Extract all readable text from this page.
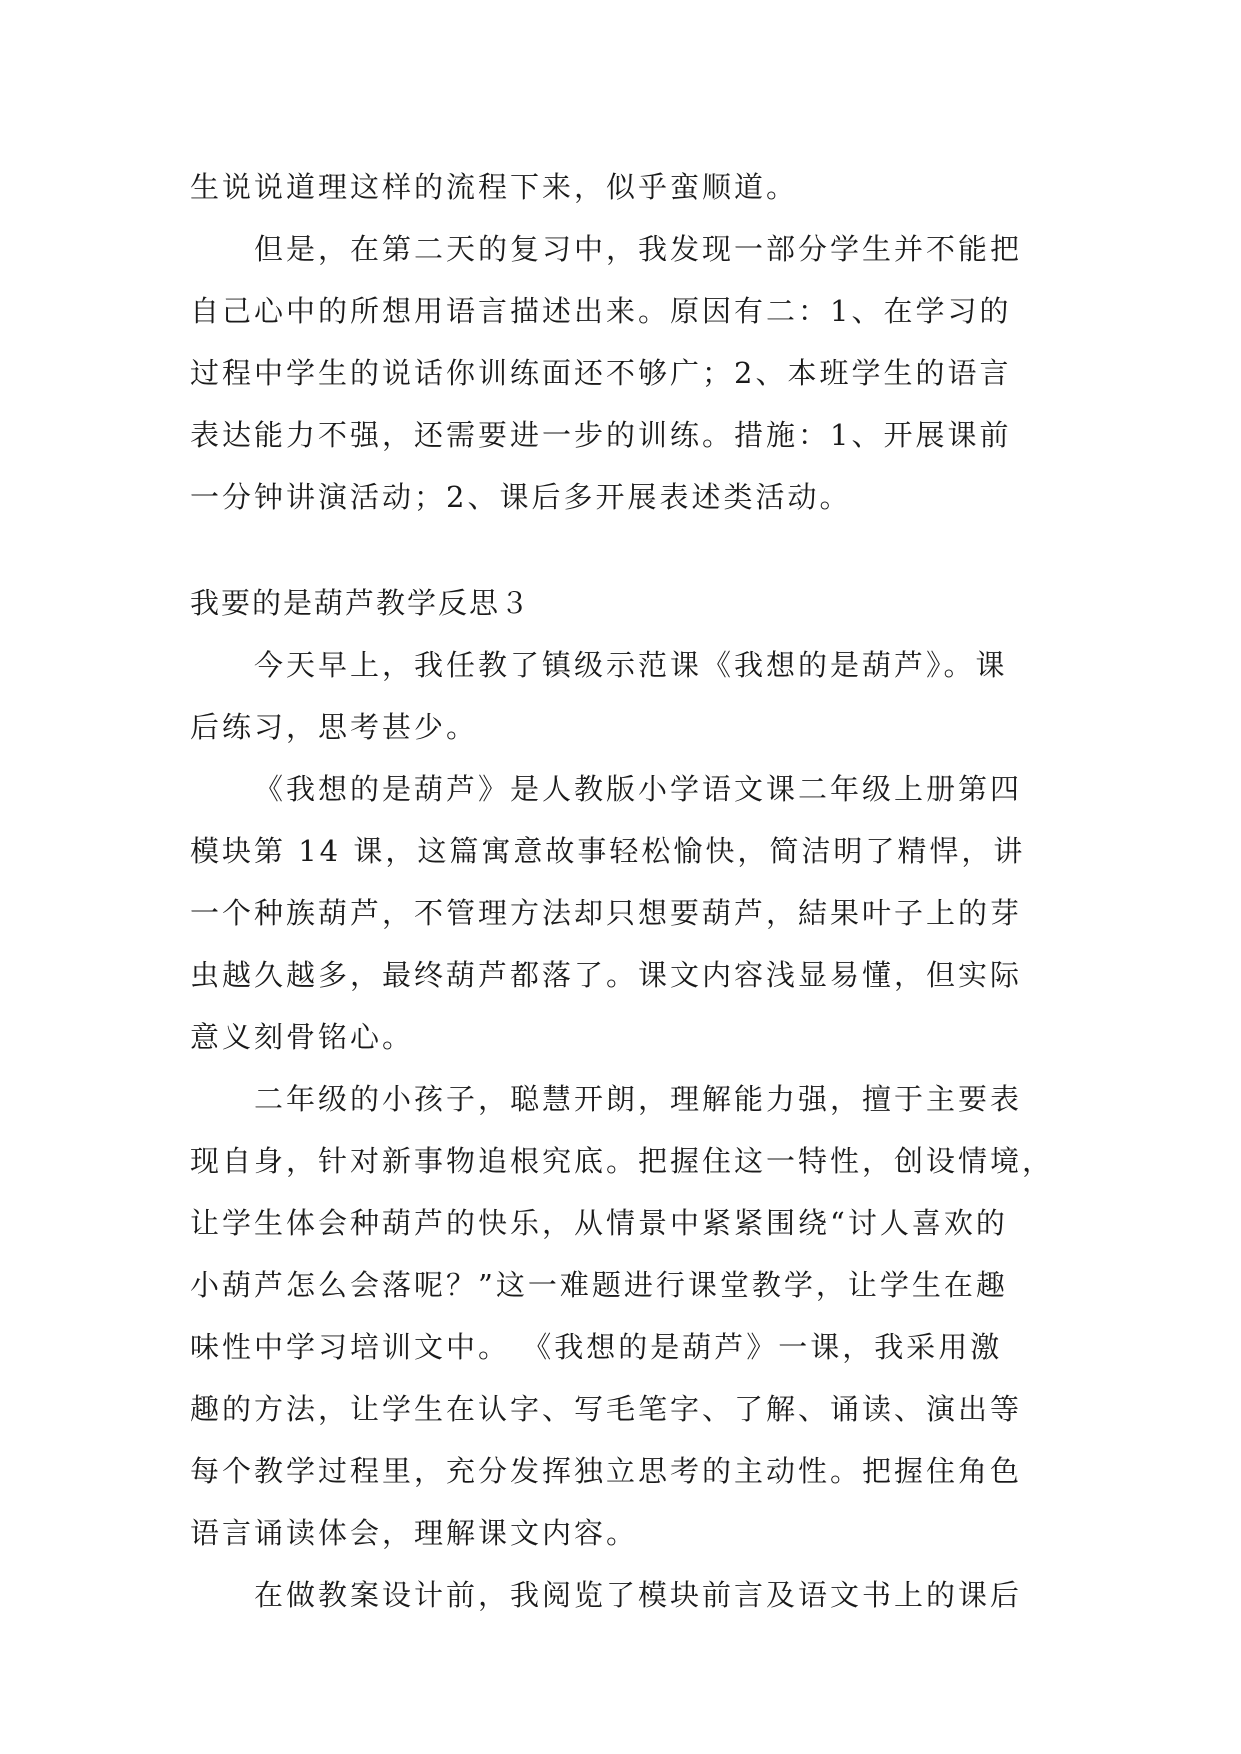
生说说道理这样的流程下来，似乎蛮顺道。
但是，在第二天的复习中，我发现一部分学生并不能把
自己心中的所想用语言描述出来。原因有二：1、在学习的
过程中学生的说话你训练面还不够广；2、本班学生的语言
表达能力不强，还需要进一步的训练。措施：1、开展课前
一分钟讲演活动；2、课后多开展表述类活动。
我要的是葫芦教学反思３
今天早上，我任教了镇级示范课《我想的是葫芦》。课
后练习，思考甚少。
《我想的是葫芦》是人教版小学语文课二年级上册第四
模块第 14 课，这篇寓意故事轻松愉快，简洁明了精悍，讲
一个种族葫芦，不管理方法却只想要葫芦，結果叶子上的芽
虫越久越多，最终葫芦都落了。课文内容浅显易懂，但实际
意义刻骨铭心。
二年级的小孩子，聪慧开朗，理解能力强，擅于主要表
现自身，针对新事物追根究底。把握住这一特性，创设情境，
让学生体会种葫芦的快乐，从情景中紧紧围绕“讨人喜欢的
小葫芦怎么会落呢？”这一难题进行课堂教学，让学生在趣
味性中学习培训文中。 《我想的是葫芦》一课，我采用激
趣的方法，让学生在认字、写毛笔字、了解、诵读、演出等
每个教学过程里，充分发挥独立思考的主动性。把握住角色
语言诵读体会，理解课文内容。
在做教案设计前，我阅览了模块前言及语文书上的课后
